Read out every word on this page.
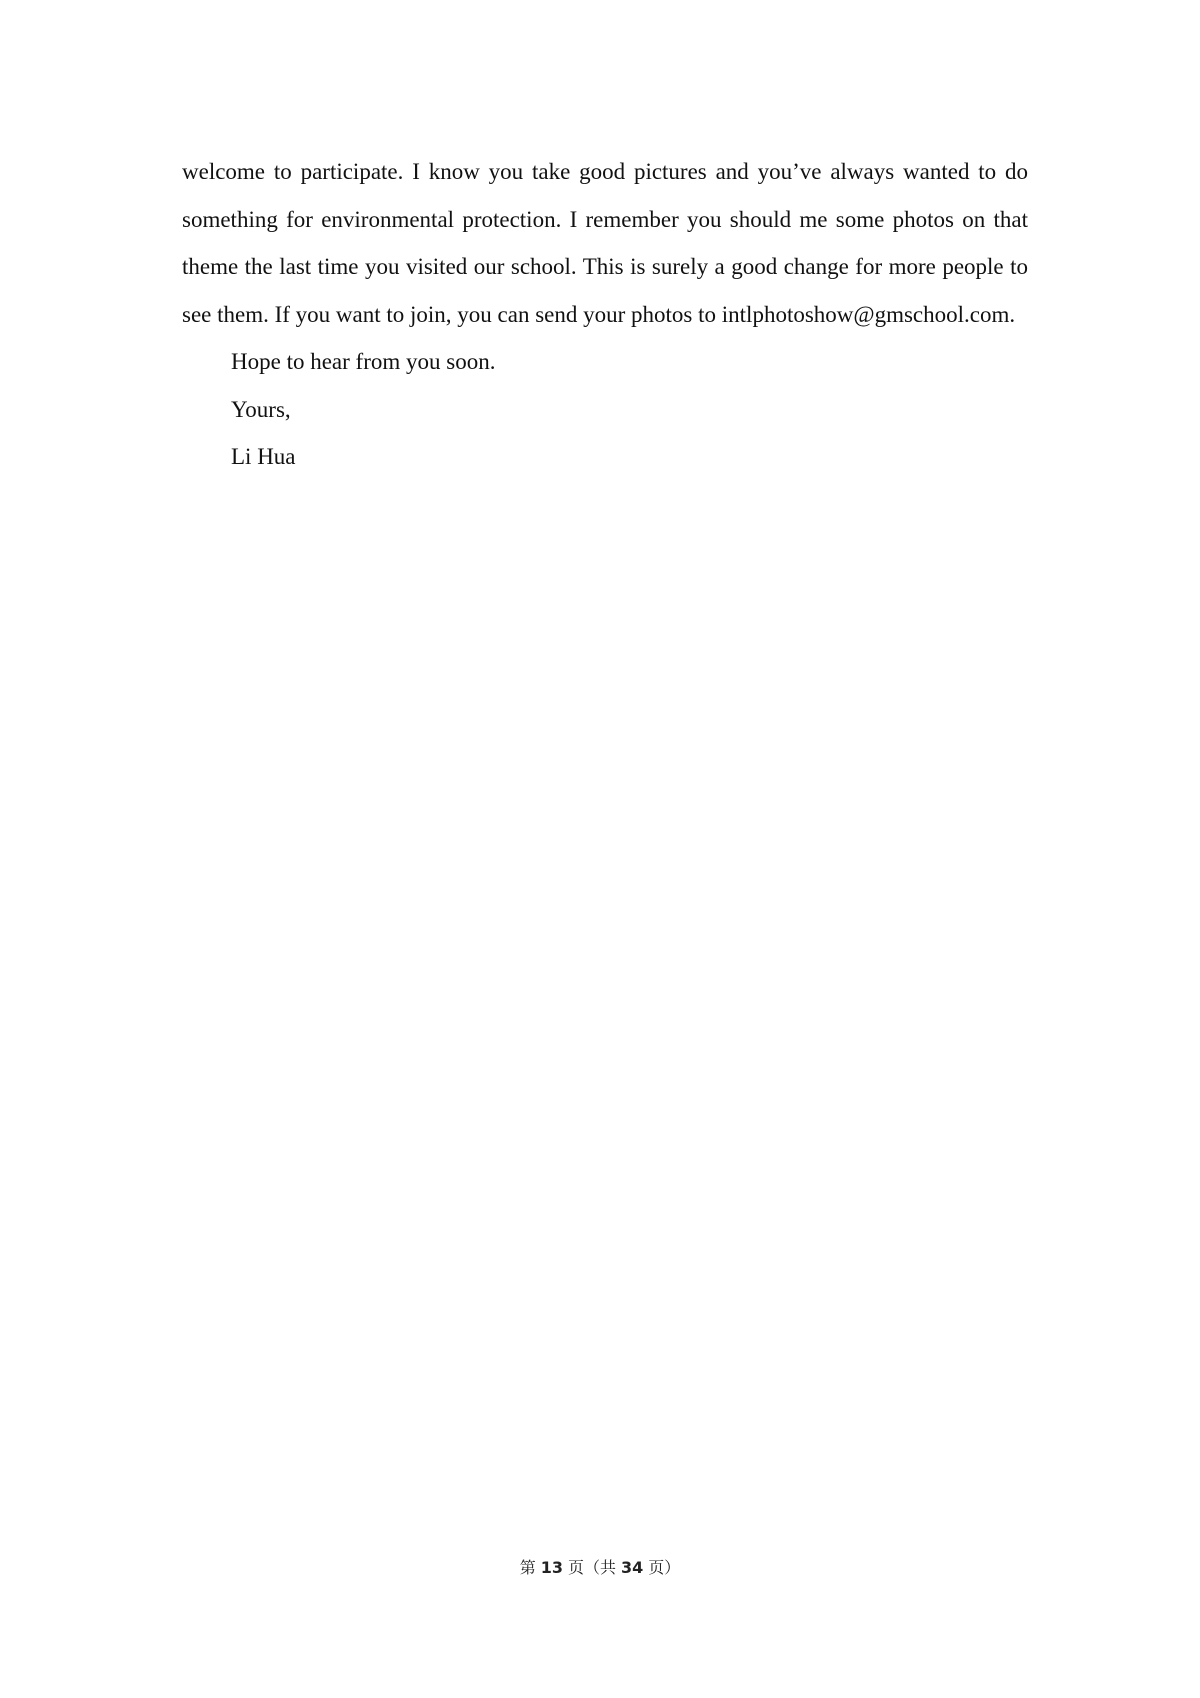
welcome to participate. I know you take good pictures and you’ve always wanted to do something for environmental protection. I remember you should me some photos on that theme the last time you visited our school. This is surely a good change for more people to see them. If you want to join, you can send your photos to intlphotoshow@gmschool.com.

Hope to hear from you soon.

Yours,

Li Hua

第 13 页（共 34 页）
